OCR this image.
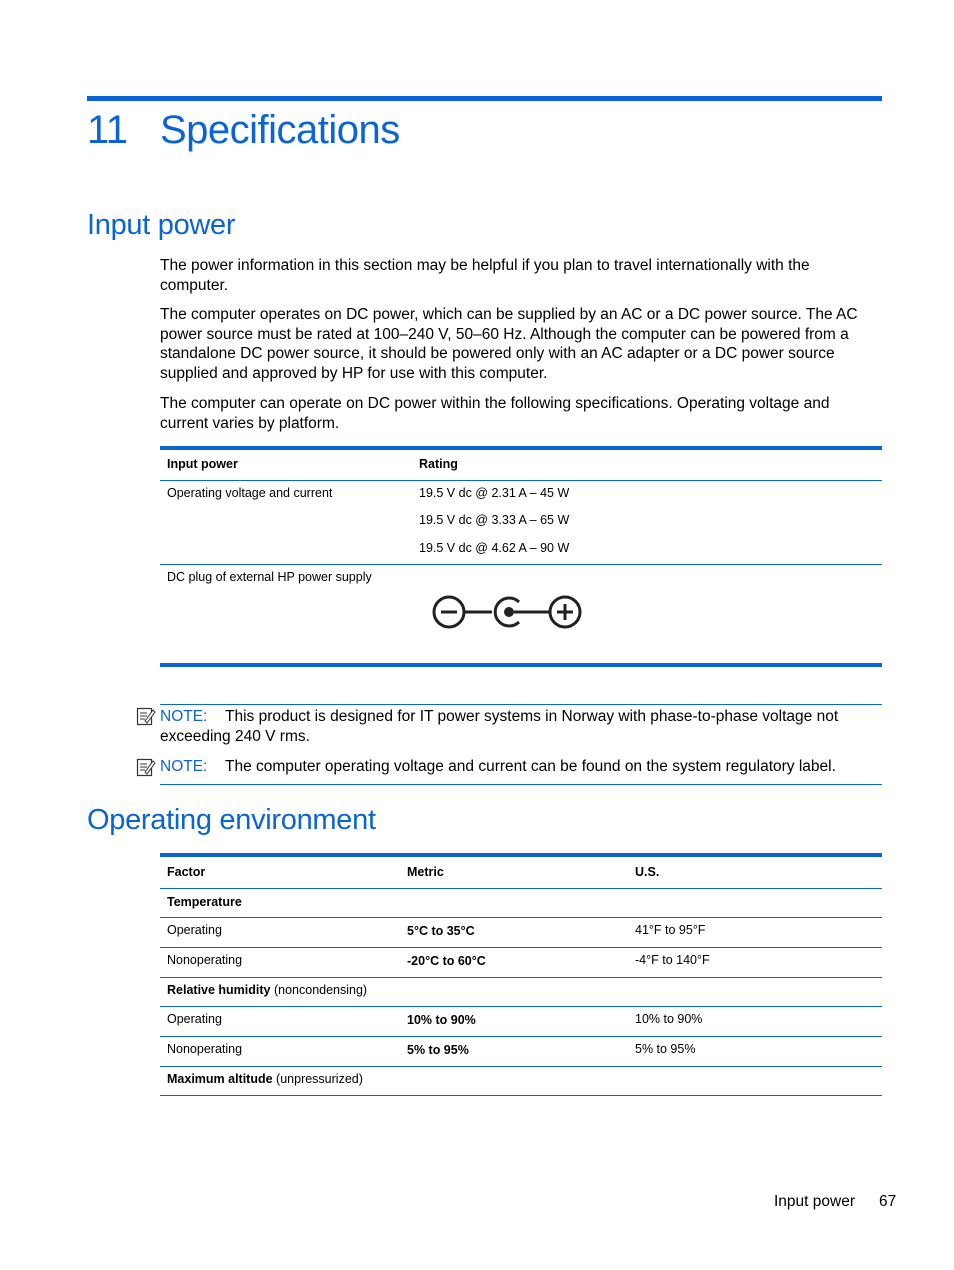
11 Specifications
Input power
The power information in this section may be helpful if you plan to travel internationally with the computer.
The computer operates on DC power, which can be supplied by an AC or a DC power source. The AC power source must be rated at 100–240 V, 50–60 Hz. Although the computer can be powered from a standalone DC power source, it should be powered only with an AC adapter or a DC power source supplied and approved by HP for use with this computer.
The computer can operate on DC power within the following specifications. Operating voltage and current varies by platform.
Input power	Rating
Operating voltage and current	19.5 V dc @ 2.31 A – 45 W
19.5 V dc @ 3.33 A – 65 W
19.5 V dc @ 4.62 A – 90 W
DC plug of external HP power supply
NOTE: This product is designed for IT power systems in Norway with phase-to-phase voltage not exceeding 240 V rms.
NOTE: The computer operating voltage and current can be found on the system regulatory label.
Operating environment
Factor	Metric	U.S.
Temperature
Operating	5°C to 35°C	41°F to 95°F
Nonoperating	-20°C to 60°C	-4°F to 140°F
Relative humidity (noncondensing)
Operating	10% to 90%	10% to 90%
Nonoperating	5% to 95%	5% to 95%
Maximum altitude (unpressurized)
Input power 67
